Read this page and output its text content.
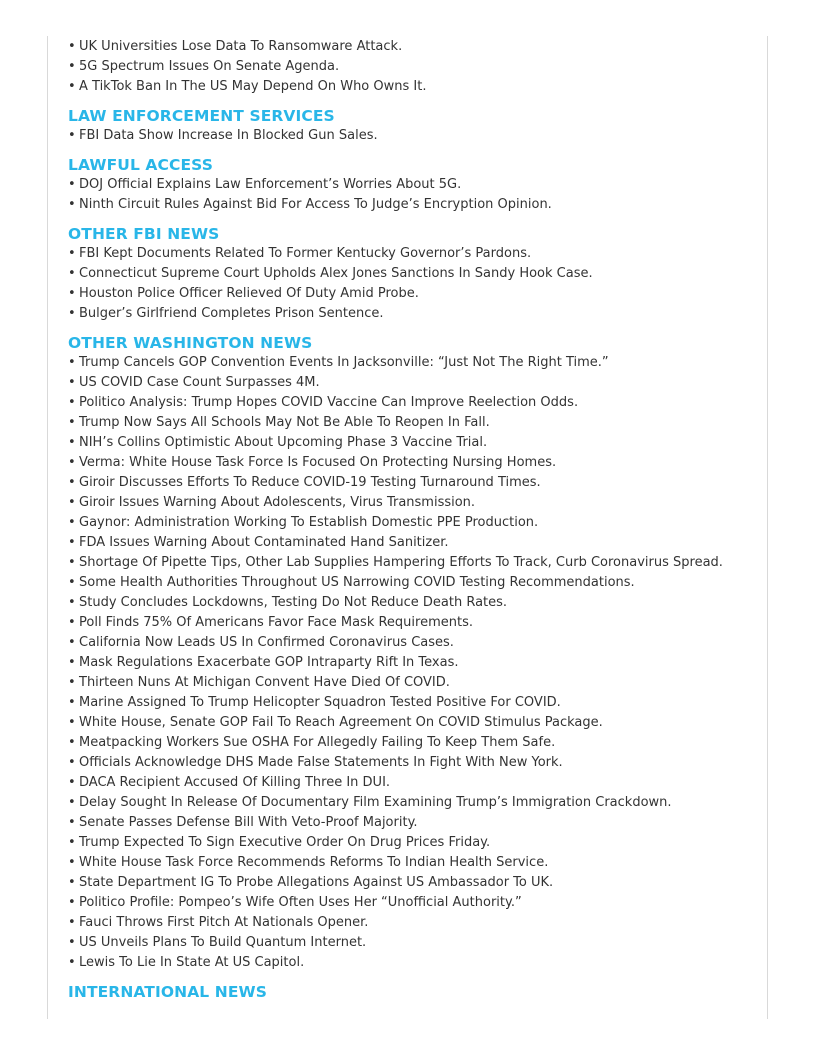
• UK Universities Lose Data To Ransomware Attack.
• 5G Spectrum Issues On Senate Agenda.
• A TikTok Ban In The US May Depend On Who Owns It.
LAW ENFORCEMENT SERVICES
• FBI Data Show Increase In Blocked Gun Sales.
LAWFUL ACCESS
• DOJ Official Explains Law Enforcement’s Worries About 5G.
• Ninth Circuit Rules Against Bid For Access To Judge’s Encryption Opinion.
OTHER FBI NEWS
• FBI Kept Documents Related To Former Kentucky Governor’s Pardons.
• Connecticut Supreme Court Upholds Alex Jones Sanctions In Sandy Hook Case.
• Houston Police Officer Relieved Of Duty Amid Probe.
• Bulger’s Girlfriend Completes Prison Sentence.
OTHER WASHINGTON NEWS
• Trump Cancels GOP Convention Events In Jacksonville: “Just Not The Right Time.”
• US COVID Case Count Surpasses 4M.
• Politico Analysis: Trump Hopes COVID Vaccine Can Improve Reelection Odds.
• Trump Now Says All Schools May Not Be Able To Reopen In Fall.
• NIH’s Collins Optimistic About Upcoming Phase 3 Vaccine Trial.
• Verma: White House Task Force Is Focused On Protecting Nursing Homes.
• Giroir Discusses Efforts To Reduce COVID-19 Testing Turnaround Times.
• Giroir Issues Warning About Adolescents, Virus Transmission.
• Gaynor: Administration Working To Establish Domestic PPE Production.
• FDA Issues Warning About Contaminated Hand Sanitizer.
• Shortage Of Pipette Tips, Other Lab Supplies Hampering Efforts To Track, Curb Coronavirus Spread.
• Some Health Authorities Throughout US Narrowing COVID Testing Recommendations.
• Study Concludes Lockdowns, Testing Do Not Reduce Death Rates.
• Poll Finds 75% Of Americans Favor Face Mask Requirements.
• California Now Leads US In Confirmed Coronavirus Cases.
• Mask Regulations Exacerbate GOP Intraparty Rift In Texas.
• Thirteen Nuns At Michigan Convent Have Died Of COVID.
• Marine Assigned To Trump Helicopter Squadron Tested Positive For COVID.
• White House, Senate GOP Fail To Reach Agreement On COVID Stimulus Package.
• Meatpacking Workers Sue OSHA For Allegedly Failing To Keep Them Safe.
• Officials Acknowledge DHS Made False Statements In Fight With New York.
• DACA Recipient Accused Of Killing Three In DUI.
• Delay Sought In Release Of Documentary Film Examining Trump’s Immigration Crackdown.
• Senate Passes Defense Bill With Veto-Proof Majority.
• Trump Expected To Sign Executive Order On Drug Prices Friday.
• White House Task Force Recommends Reforms To Indian Health Service.
• State Department IG To Probe Allegations Against US Ambassador To UK.
• Politico Profile: Pompeo’s Wife Often Uses Her “Unofficial Authority.”
• Fauci Throws First Pitch At Nationals Opener.
• US Unveils Plans To Build Quantum Internet.
• Lewis To Lie In State At US Capitol.
INTERNATIONAL NEWS
